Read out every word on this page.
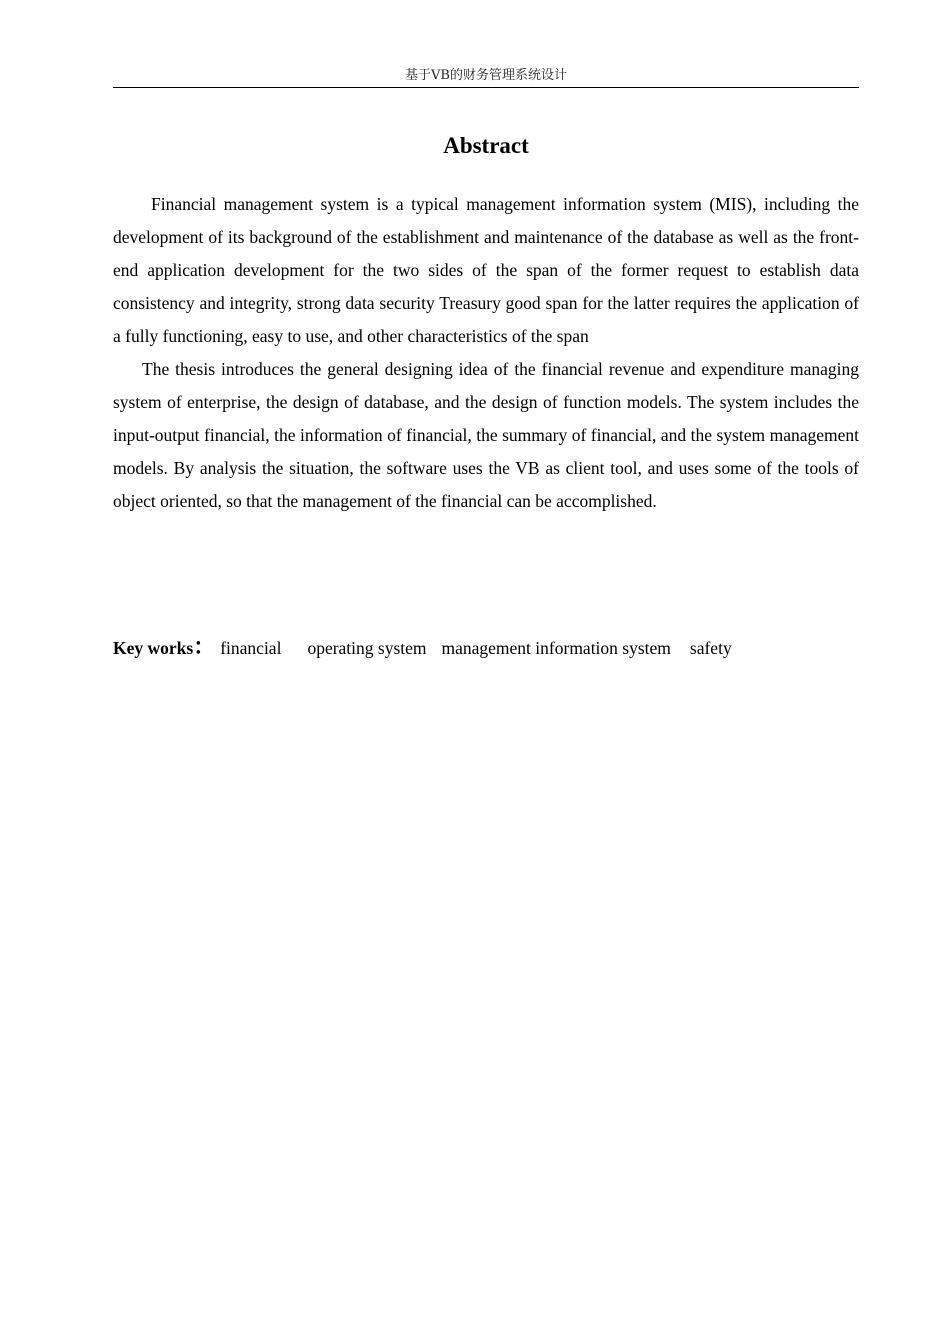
基于VB的财务管理系统设计
Abstract

Financial management system is a typical management information system (MIS), including the development of its background of the establishment and maintenance of the database as well as the front-end application development for the two sides of the span of the former request to establish data consistency and integrity, strong data security Treasury good span for the latter requires the application of a fully functioning, easy to use, and other characteristics of the span

The thesis introduces the general designing idea of the financial revenue and expenditure managing system of enterprise, the design of database, and the design of function models. The system includes the input-output financial, the information of financial, the summary of financial, and the system management models. By analysis the situation, the software uses the VB as client tool, and uses some of the tools of object oriented, so that the management of the financial can be accomplished.

Key works： financial operating system management information system safety
